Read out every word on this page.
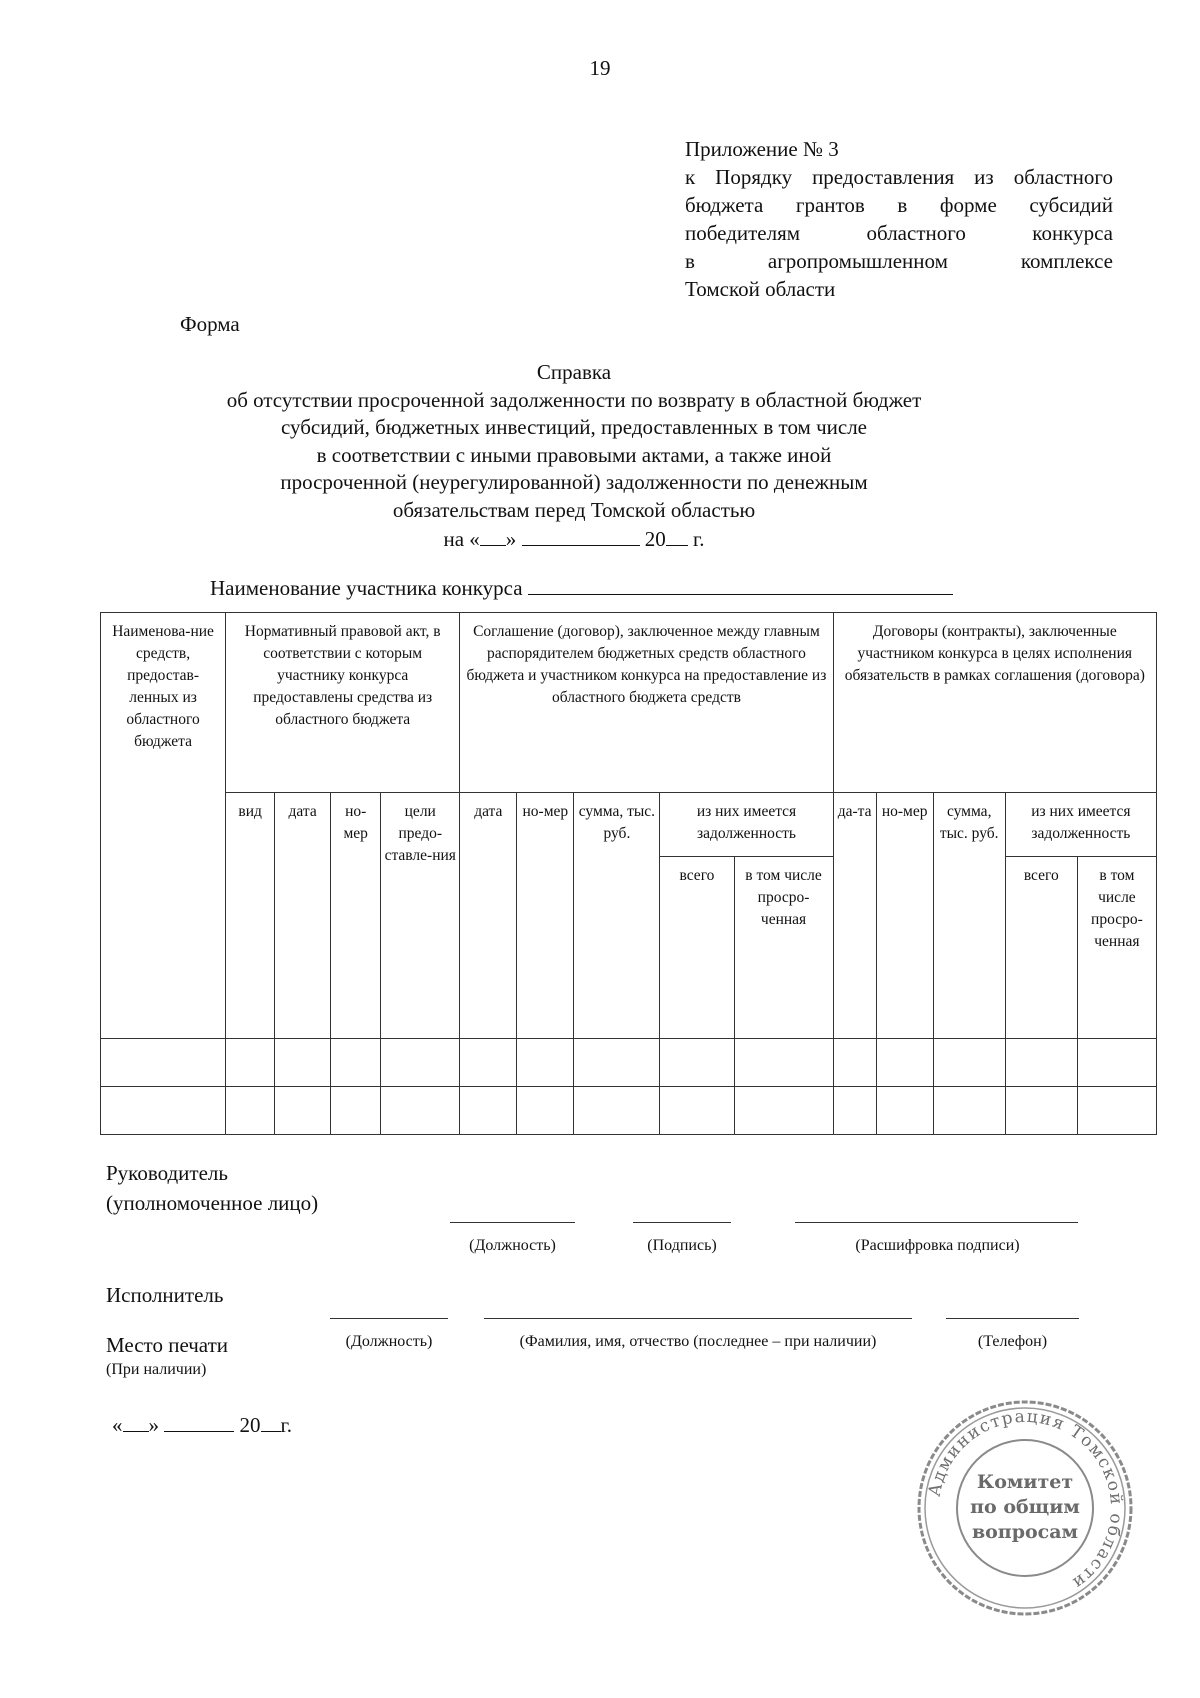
19
Приложение № 3
к Порядку предоставления из областного
бюджета грантов в форме субсидий
победителям областного конкурса
в агропромышленном комплексе
Томской области
Форма
Справка
об отсутствии просроченной задолженности по возврату в областной бюджет
субсидий, бюджетных инвестиций, предоставленных в том числе
в соответствии с иными правовыми актами, а также иной
просроченной (неурегулированной) задолженности по денежным
обязательствам перед Томской областью
на « »	20 г.
Наименование участника конкурса
Наименова-ние средств, предостав-ленных из областного бюджета	Нормативный правовой акт, в соответствии с которым участнику конкурса предоставлены средства из областного бюджета				Соглашение (договор), заключенное между главным распорядителем бюджетных средств областного бюджета и участником конкурса на предоставление из областного бюджета средств					Договоры (контракты), заключенные участником конкурса в целях исполнения обязательств в рамках соглашения (договора)				
	вид	дата	но-мер	цели предо-ставле-ния	дата	но-мер	сумма, тыс. руб.	из них имеется задолженность		да-та	но-мер	сумма, тыс. руб.	из них имеется задолженность	
								всего	в том числе просро-ченная				всего	в том числе просро-ченная

Руководитель
(уполномоченное лицо)
(Должность)	(Подпись)	(Расшифровка подписи)
Исполнитель
(Должность)	(Фамилия, имя, отчество (последнее – при наличии)	(Телефон)
Место печати
(При наличии)
« »	20 г.
Администрация Томской области
Комитет
по общим
вопросам
